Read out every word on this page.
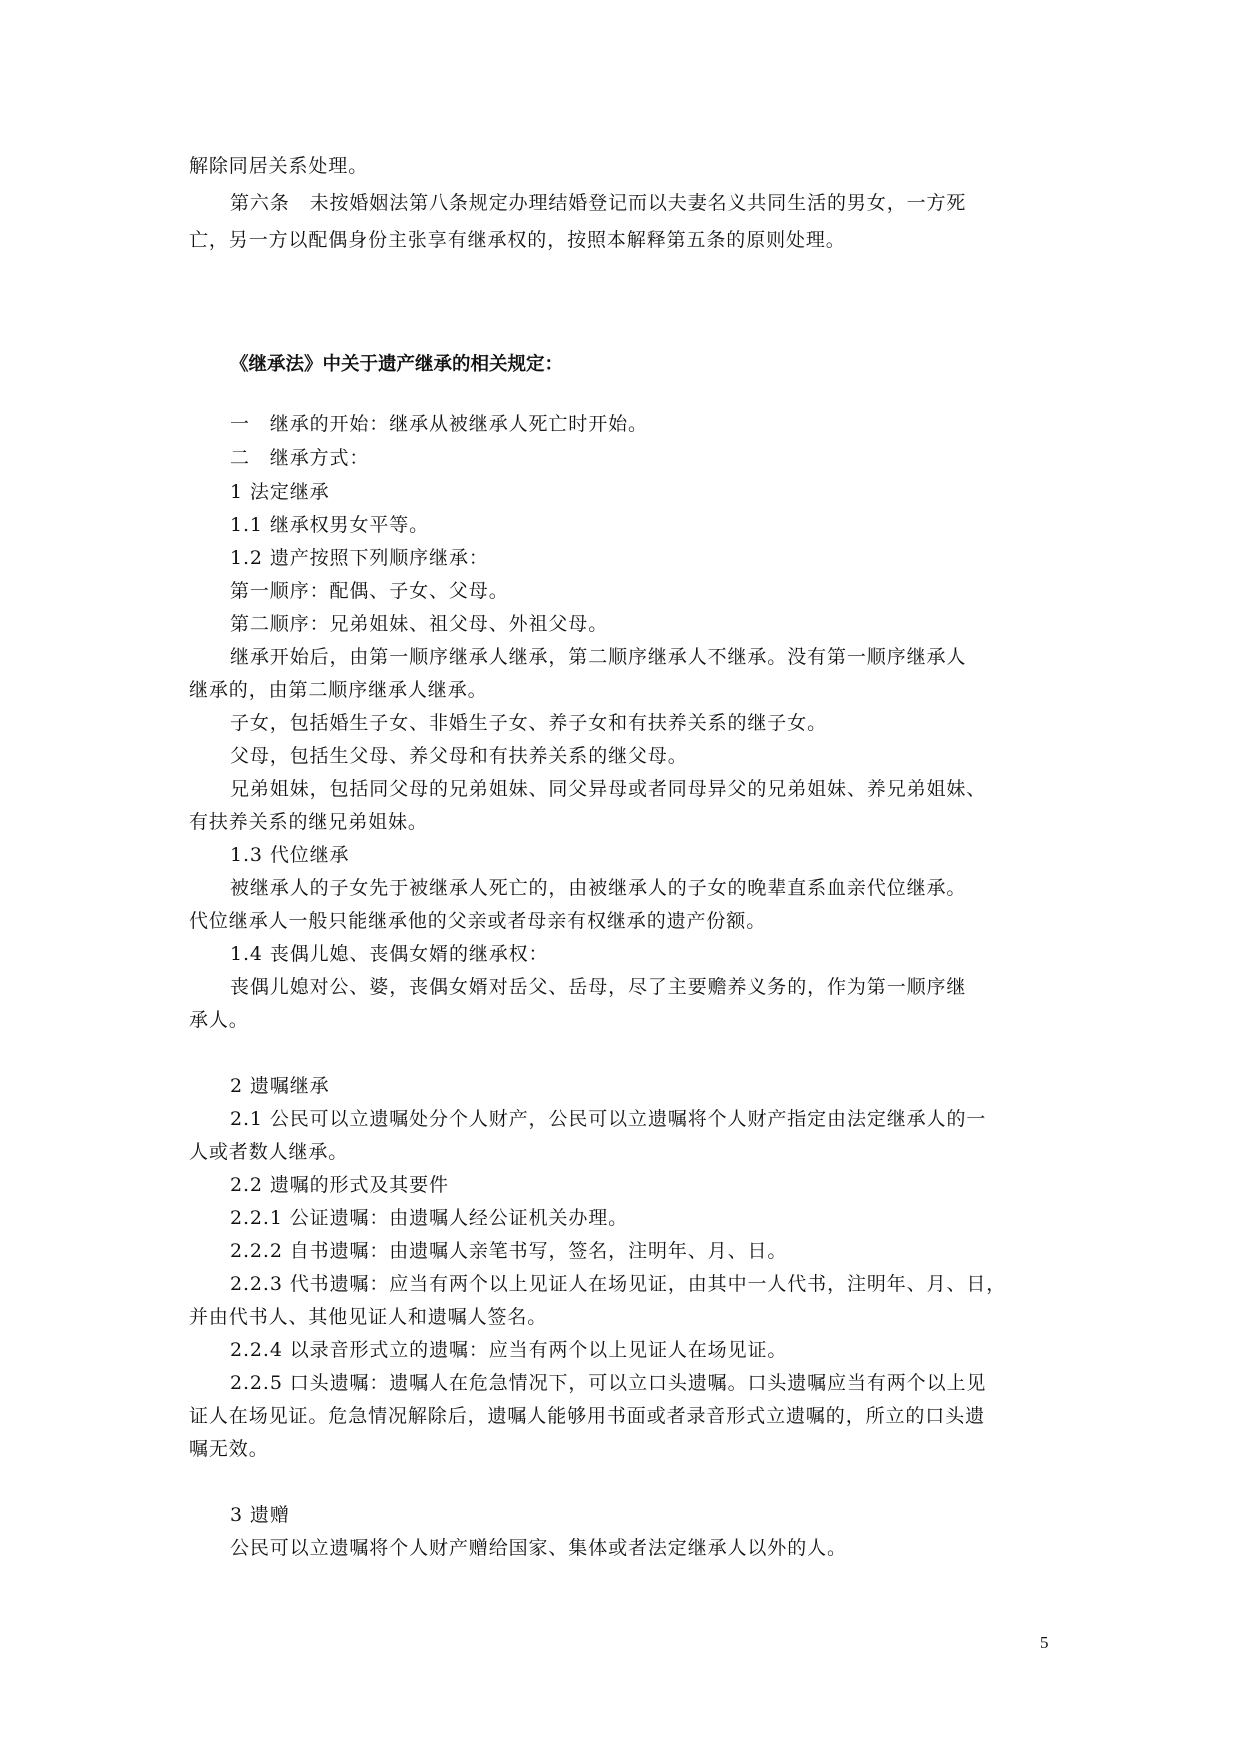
解除同居关系处理。
第六条　未按婚姻法第八条规定办理结婚登记而以夫妻名义共同生活的男女，一方死
亡，另一方以配偶身份主张享有继承权的，按照本解释第五条的原则处理。
《继承法》中关于遗产继承的相关规定：
一　继承的开始：继承从被继承人死亡时开始。
二　继承方式：
1 法定继承
1.1 继承权男女平等。
1.2 遗产按照下列顺序继承：
第一顺序：配偶、子女、父母。
第二顺序：兄弟姐妹、祖父母、外祖父母。
继承开始后，由第一顺序继承人继承，第二顺序继承人不继承。没有第一顺序继承人
继承的，由第二顺序继承人继承。
子女，包括婚生子女、非婚生子女、养子女和有扶养关系的继子女。
父母，包括生父母、养父母和有扶养关系的继父母。
兄弟姐妹，包括同父母的兄弟姐妹、同父异母或者同母异父的兄弟姐妹、养兄弟姐妹、
有扶养关系的继兄弟姐妹。
1.3 代位继承
被继承人的子女先于被继承人死亡的，由被继承人的子女的晚辈直系血亲代位继承。
代位继承人一般只能继承他的父亲或者母亲有权继承的遗产份额。
1.4 丧偶儿媳、丧偶女婿的继承权：
丧偶儿媳对公、婆，丧偶女婿对岳父、岳母，尽了主要赡养义务的，作为第一顺序继
承人。
2 遗嘱继承
2.1 公民可以立遗嘱处分个人财产，公民可以立遗嘱将个人财产指定由法定继承人的一
人或者数人继承。
2.2 遗嘱的形式及其要件
2.2.1 公证遗嘱：由遗嘱人经公证机关办理。
2.2.2 自书遗嘱：由遗嘱人亲笔书写，签名，注明年、月、日。
2.2.3 代书遗嘱：应当有两个以上见证人在场见证，由其中一人代书，注明年、月、日，
并由代书人、其他见证人和遗嘱人签名。
2.2.4 以录音形式立的遗嘱：应当有两个以上见证人在场见证。
2.2.5 口头遗嘱：遗嘱人在危急情况下，可以立口头遗嘱。口头遗嘱应当有两个以上见
证人在场见证。危急情况解除后，遗嘱人能够用书面或者录音形式立遗嘱的，所立的口头遗
嘱无效。
3 遗赠
公民可以立遗嘱将个人财产赠给国家、集体或者法定继承人以外的人。
5
